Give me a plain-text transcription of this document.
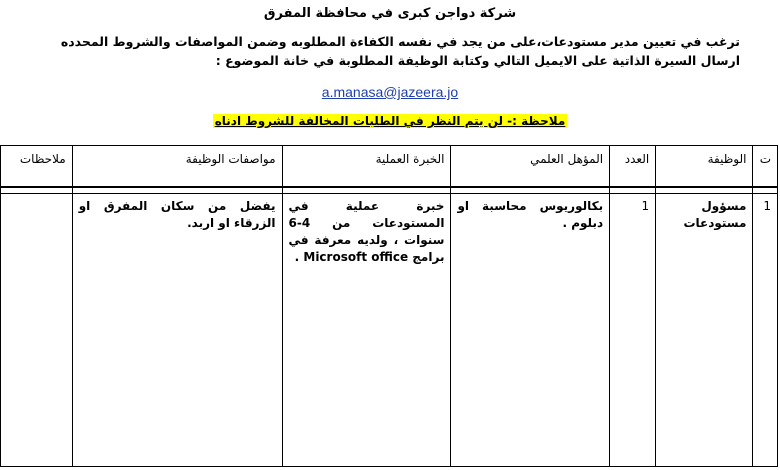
شركة دواجن كبرى في محافظة المفرق
ترغب في تعيين مدير مستودعات،على من يجد في نفسه الكفاءة المطلوبه وضمن المواصفات والشروط المحدده ارسال السيرة الذاتية على الايميل التالي وكتابة الوظيفة المطلوبة في خانة الموضوع :
a.manasa@jazeera.jo
ملاحظة :- لن يتم النظر في الطلبات المخالفة للشروط ادناه
ت	الوظيفة	العدد	المؤهل العلمي	الخبرة العملية	مواصفات الوظيفة	ملاحظات

1	مسؤول مستودعات	1	بكالوريوس محاسبة او دبلوم .	خبرة عملية في المستودعات من 4-6 سنوات ، ولديه معرفة في برامج Microsoft office .	يفضل من سكان المفرق او الزرقاء او اربد.	
